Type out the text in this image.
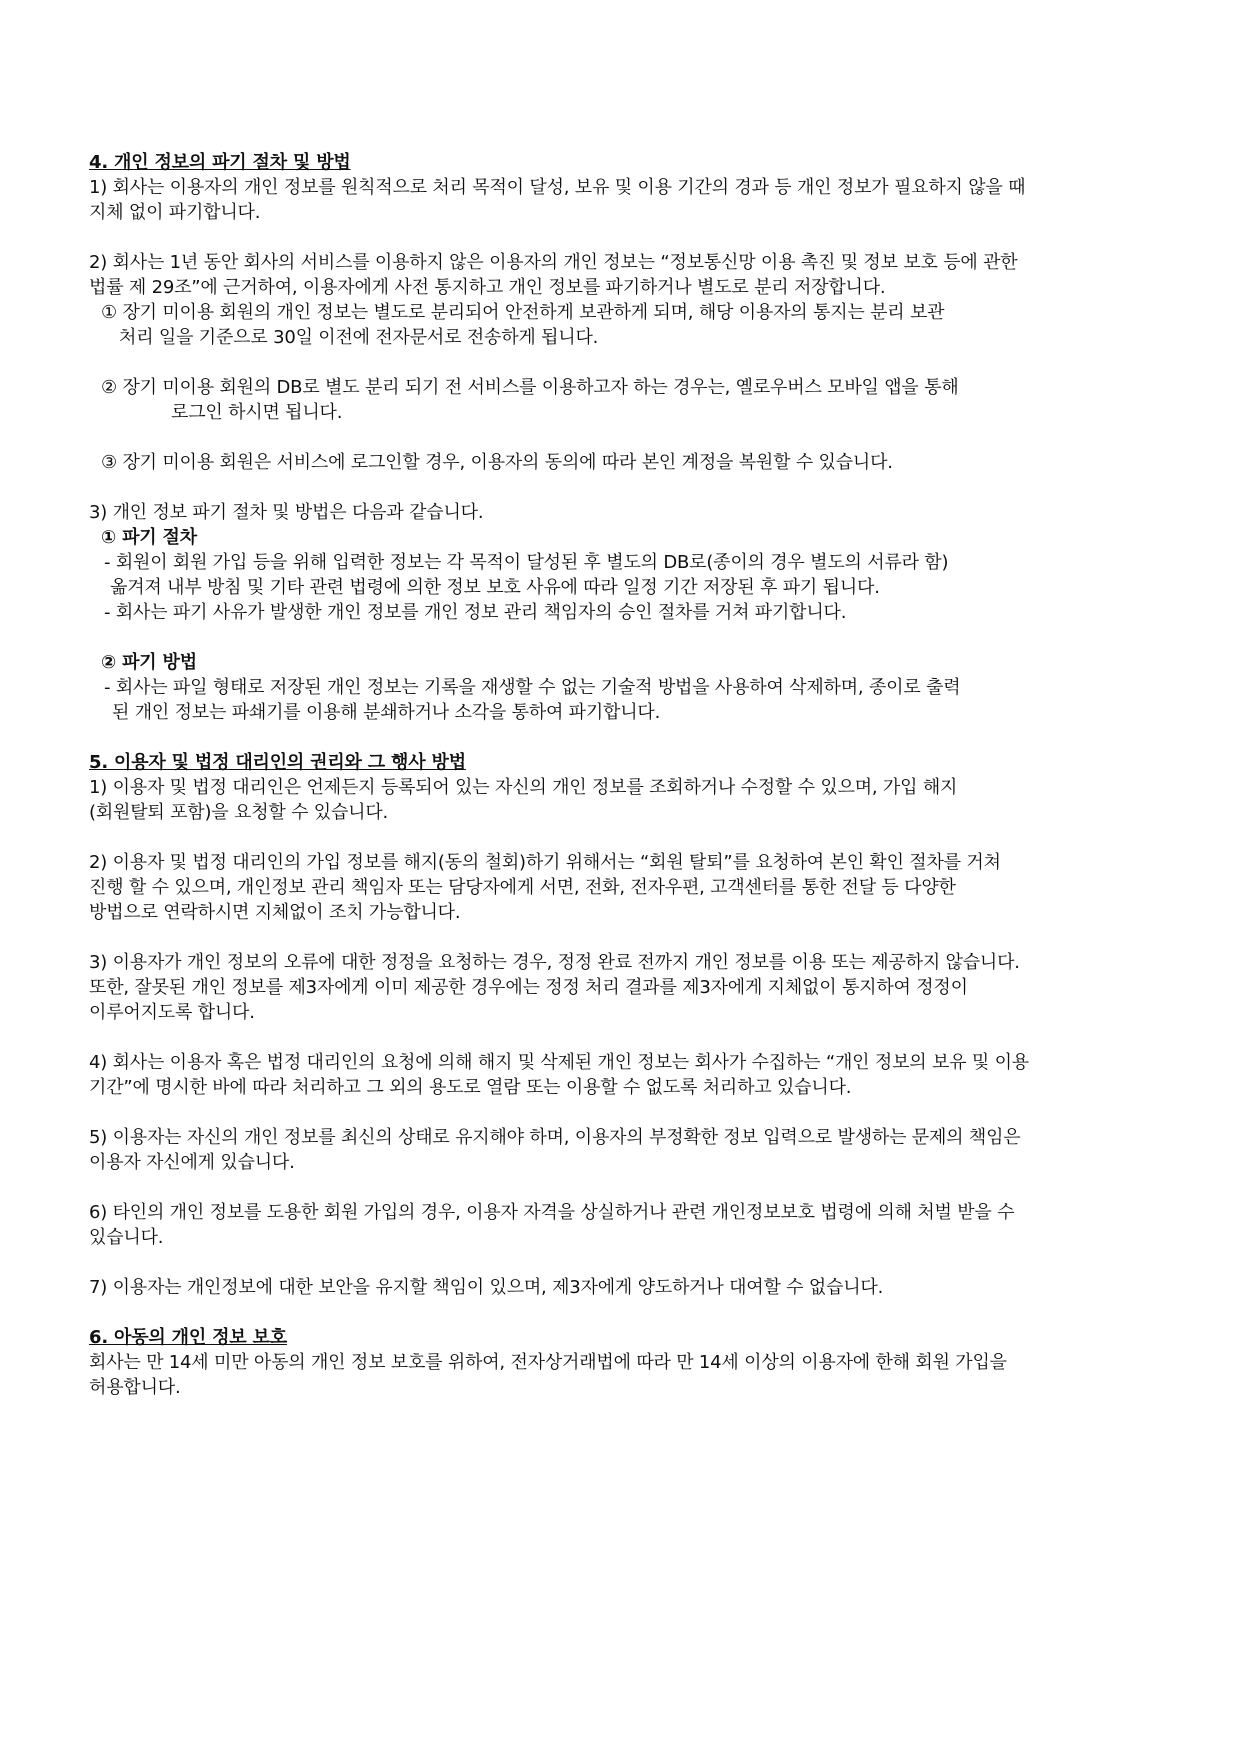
4. 개인 정보의 파기 절차 및 방법
1) 회사는 이용자의 개인 정보를 원칙적으로 처리 목적이 달성, 보유 및 이용 기간의 경과 등 개인 정보가 필요하지 않을 때
지체 없이 파기합니다.
2) 회사는 1년 동안 회사의 서비스를 이용하지 않은 이용자의 개인 정보는 “정보통신망 이용 촉진 및 정보 보호 등에 관한
법률 제 29조”에 근거하여, 이용자에게 사전 통지하고 개인 정보를 파기하거나 별도로 분리 저장합니다.
① 장기 미이용 회원의 개인 정보는 별도로 분리되어 안전하게 보관하게 되며, 해당 이용자의 통지는 분리 보관
처리 일을 기준으로 30일 이전에 전자문서로 전송하게 됩니다.
② 장기 미이용 회원의 DB로 별도 분리 되기 전 서비스를 이용하고자 하는 경우는, 옐로우버스 모바일 앱을 통해
로그인 하시면 됩니다.
③ 장기 미이용 회원은 서비스에 로그인할 경우, 이용자의 동의에 따라 본인 계정을 복원할 수 있습니다.
3) 개인 정보 파기 절차 및 방법은 다음과 같습니다.
① 파기 절차
- 회원이 회원 가입 등을 위해 입력한 정보는 각 목적이 달성된 후 별도의 DB로(종이의 경우 별도의 서류라 함)
옮겨져 내부 방침 및 기타 관련 법령에 의한 정보 보호 사유에 따라 일정 기간 저장된 후 파기 됩니다.
- 회사는 파기 사유가 발생한 개인 정보를 개인 정보 관리 책임자의 승인 절차를 거쳐 파기합니다.
② 파기 방법
- 회사는 파일 형태로 저장된 개인 정보는 기록을 재생할 수 없는 기술적 방법을 사용하여 삭제하며, 종이로 출력
된 개인 정보는 파쇄기를 이용해 분쇄하거나 소각을 통하여 파기합니다.
5. 이용자 및 법정 대리인의 권리와 그 행사 방법
1) 이용자 및 법정 대리인은 언제든지 등록되어 있는 자신의 개인 정보를 조회하거나 수정할 수 있으며, 가입 해지
(회원탈퇴 포함)을 요청할 수 있습니다.
2) 이용자 및 법정 대리인의 가입 정보를 해지(동의 철회)하기 위해서는 “회원 탈퇴”를 요청하여 본인 확인 절차를 거쳐
진행 할 수 있으며, 개인정보 관리 책임자 또는 담당자에게 서면, 전화, 전자우편, 고객센터를 통한 전달 등 다양한
방법으로 연락하시면 지체없이 조치 가능합니다.
3) 이용자가 개인 정보의 오류에 대한 정정을 요청하는 경우, 정정 완료 전까지 개인 정보를 이용 또는 제공하지 않습니다.
또한, 잘못된 개인 정보를 제3자에게 이미 제공한 경우에는 정정 처리 결과를 제3자에게 지체없이 통지하여 정정이
이루어지도록 합니다.
4) 회사는 이용자 혹은 법정 대리인의 요청에 의해 해지 및 삭제된 개인 정보는 회사가 수집하는 “개인 정보의 보유 및 이용
기간”에 명시한 바에 따라 처리하고 그 외의 용도로 열람 또는 이용할 수 없도록 처리하고 있습니다.
5) 이용자는 자신의 개인 정보를 최신의 상태로 유지해야 하며, 이용자의 부정확한 정보 입력으로 발생하는 문제의 책임은
이용자 자신에게 있습니다.
6) 타인의 개인 정보를 도용한 회원 가입의 경우, 이용자 자격을 상실하거나 관련 개인정보보호 법령에 의해 처벌 받을 수
있습니다.
7) 이용자는 개인정보에 대한 보안을 유지할 책임이 있으며, 제3자에게 양도하거나 대여할 수 없습니다.
6. 아동의 개인 정보 보호
회사는 만 14세 미만 아동의 개인 정보 보호를 위하여, 전자상거래법에 따라 만 14세 이상의 이용자에 한해 회원 가입을
허용합니다.
